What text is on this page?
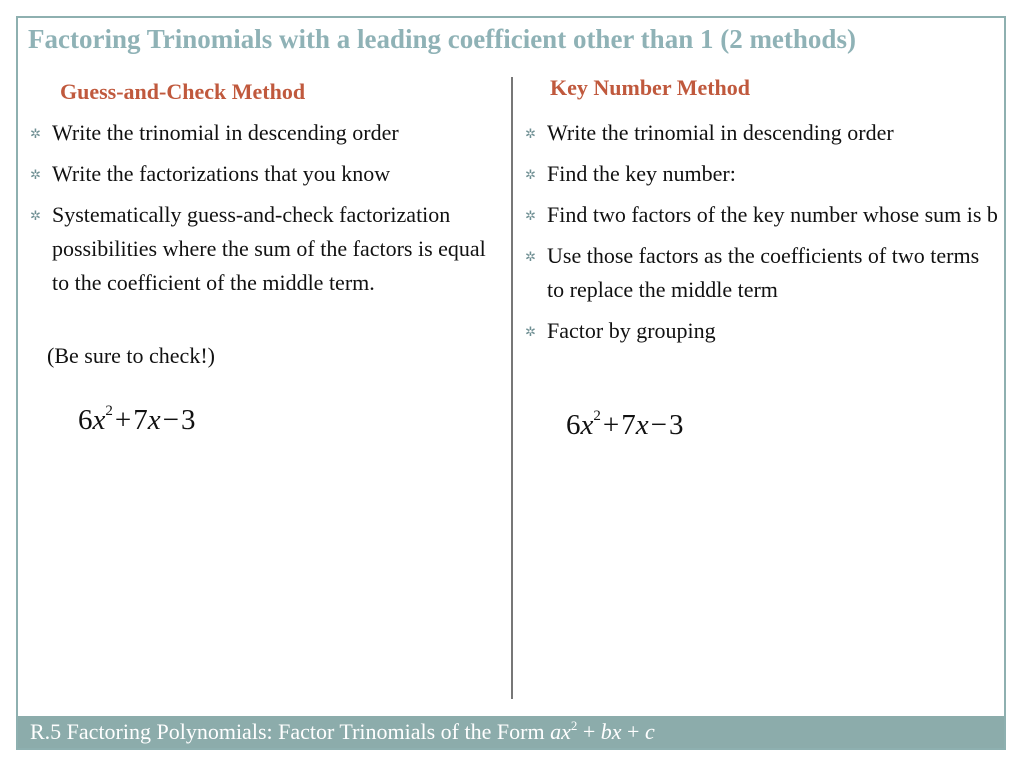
Factoring Trinomials with a leading coefficient other than 1 (2 methods)
Guess-and-Check Method	Key Number Method
✲ Write the trinomial in descending order
✲ Write the factorizations that you know
✲ Systematically guess-and-check factorization possibilities where the sum of the factors is equal to the coefficient of the middle term.
(Be sure to check!)
$6x^2+7x-3$
✲ Write the trinomial in descending order
✲ Find the key number:
✲ Find two factors of the key number whose sum is b
✲ Use those factors as the coefficients of two terms to replace the middle term
✲ Factor by grouping
$6x^2+7x-3$
R.5 Factoring Polynomials: Factor Trinomials of the Form $ax^2$ + bx + c
